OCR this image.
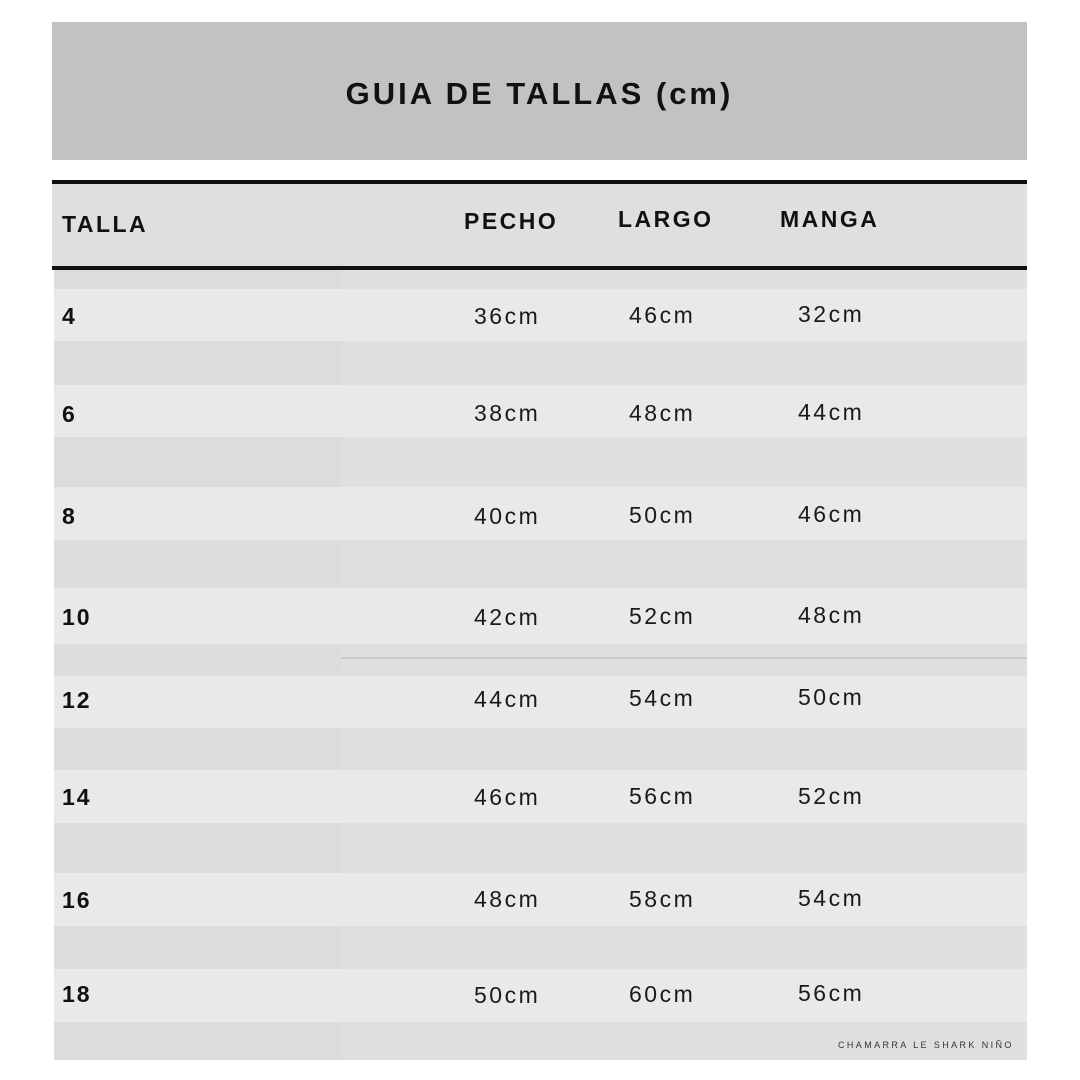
GUIA DE TALLAS (cm)
TALLA	PECHO	LARGO	MANGA
4	36cm	46cm	32cm
6	38cm	48cm	44cm
8	40cm	50cm	46cm
10	42cm	52cm	48cm
12	44cm	54cm	50cm
14	46cm	56cm	52cm
16	48cm	58cm	54cm
18	50cm	60cm	56cm
CHAMARRA LE SHARK NIÑO
